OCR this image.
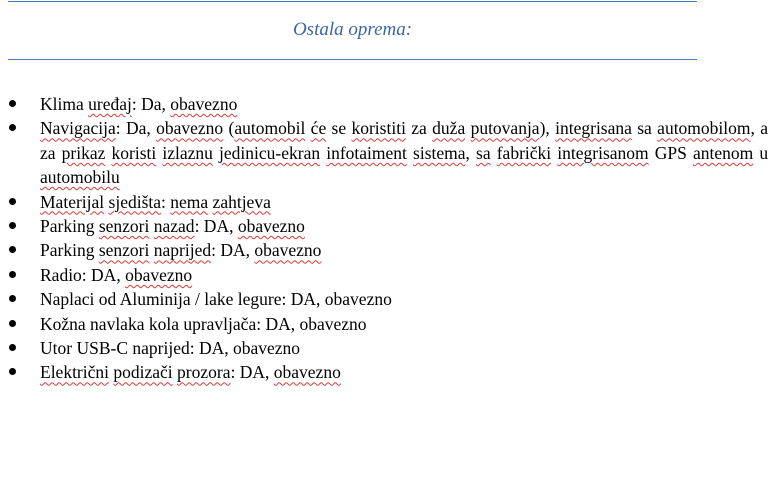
Ostala oprema:
Klima uređaj: Da, obavezno
Navigacija: Da, obavezno (automobil će se koristiti za duža putovanja), integrisana sa automobilom, a za prikaz koristi izlaznu jedinicu-ekran infotaiment sistema, sa fabrički integrisanom GPS antenom u automobilu
Materijal sjedišta: nema zahtjeva
Parking senzori nazad: DA, obavezno
Parking senzori naprijed: DA, obavezno
Radio: DA, obavezno
Naplaci od Aluminija / lake legure: DA, obavezno
Kožna navlaka kola upravljača: DA, obavezno
Utor USB-C naprijed: DA, obavezno
Električni podizači prozora: DA, obavezno
